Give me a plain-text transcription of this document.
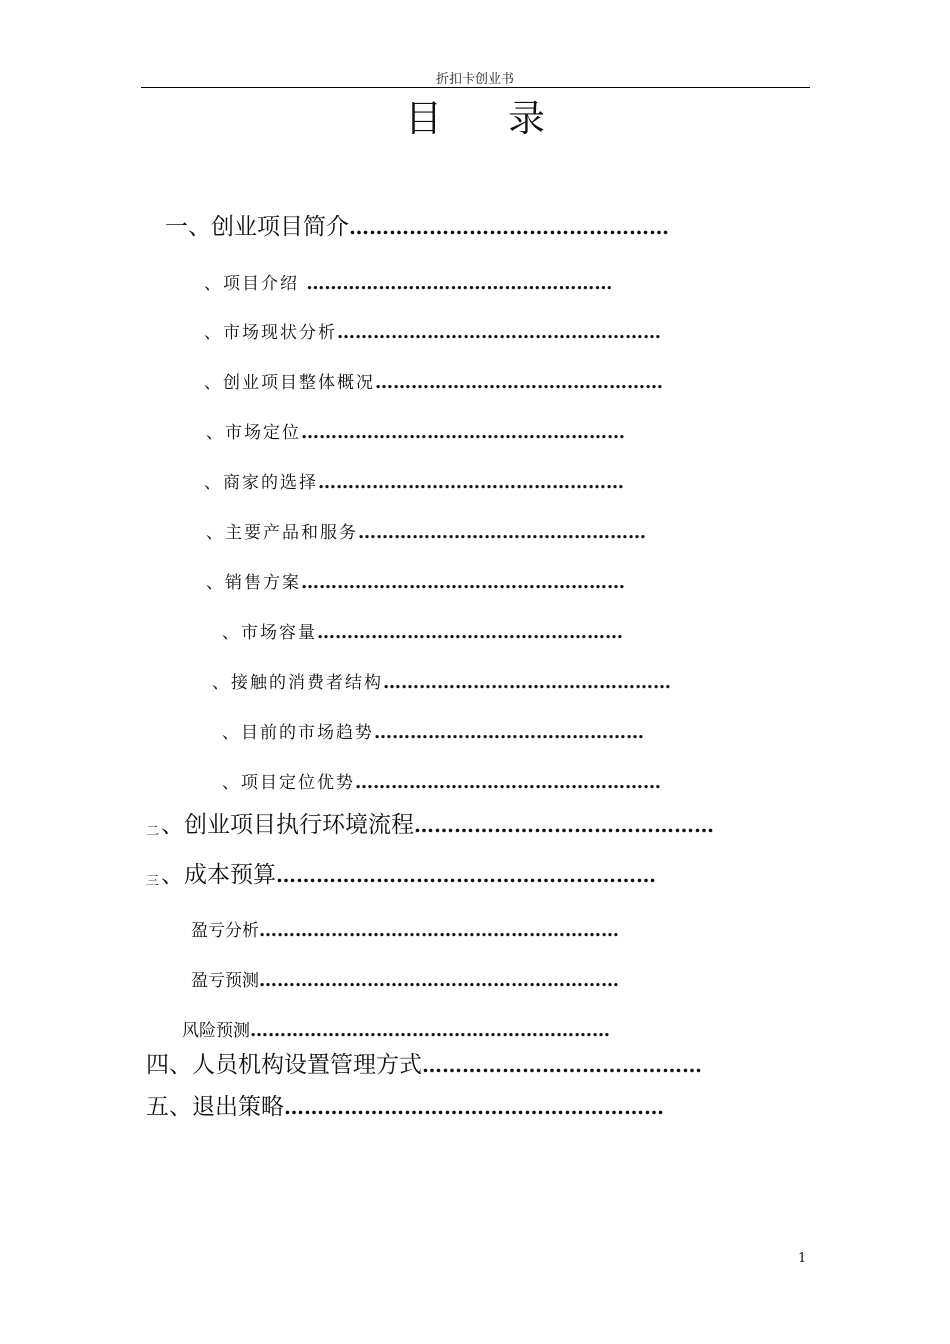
折扣卡创业书
目 录
一、创业项目简介…………………………………………
、项目介绍 ……………………………………………
、市场现状分析………………………………………………
、创业项目整体概况…………………………………………
、市场定位………………………………………………
、商家的选择……………………………………………
、主要产品和服务…………………………………………
、销售方案………………………………………………
、市场容量……………………………………………
、接触的消费者结构…………………………………………
、目前的市场趋势………………………………………
、项目定位优势……………………………………………
二、创业项目执行环境流程………………………………………
三、成本预算…………………………………………………
盈亏分析……………………………………………………
盈亏预测……………………………………………………
风险预测……………………………………………………
四、人员机构设置管理方式……………………………………
五、退出策略…………………………………………………
1
